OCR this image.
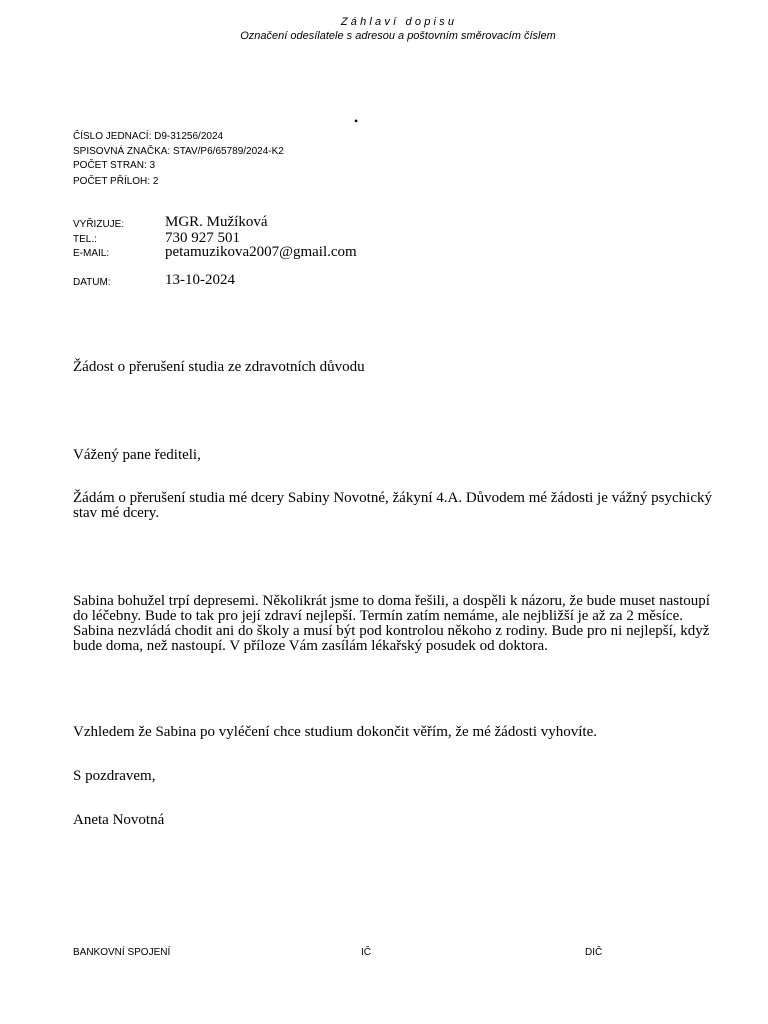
Záhlaví dopisu
Označení odesílatele s adresou a poštovním směrovacím číslem
•
ČÍSLO JEDNACÍ: D9-31256/2024
SPISOVNÁ ZNAČKA: STAV/P6/65789/2024-K2
POČET STRAN: 3
POČET PŘÍLOH: 2
VYŘIZUJE:	MGR. Mužíková
TEL.:	730 927 501
E-MAIL:	petamuzikova2007@gmail.com
DATUM:	13-10-2024

Žádost o přerušení studia ze zdravotních důvodu

Vážený pane řediteli,

Žádám o přerušení studia mé dcery Sabiny Novotné, žákyní 4.A. Důvodem mé žádosti je vážný psychický stav mé dcery.

Sabina bohužel trpí depresemi. Několikrát jsme to doma řešili, a dospěli k názoru, že bude muset nastoupí do léčebny. Bude to tak pro její zdraví nejlepší. Termín zatím nemáme, ale nejbližší je až za 2 měsíce. Sabina nezvládá chodit ani do školy a musí být pod kontrolou někoho z rodiny. Bude pro ni nejlepší, když bude doma, než nastoupí. V příloze Vám zasílám lékařský posudek od doktora.

Vzhledem že Sabina po vyléčení chce studium dokončit věřím, že mé žádosti vyhovíte.

S pozdravem,

Aneta Novotná

BANKOVNÍ SPOJENÍ	IČ	DIČ
